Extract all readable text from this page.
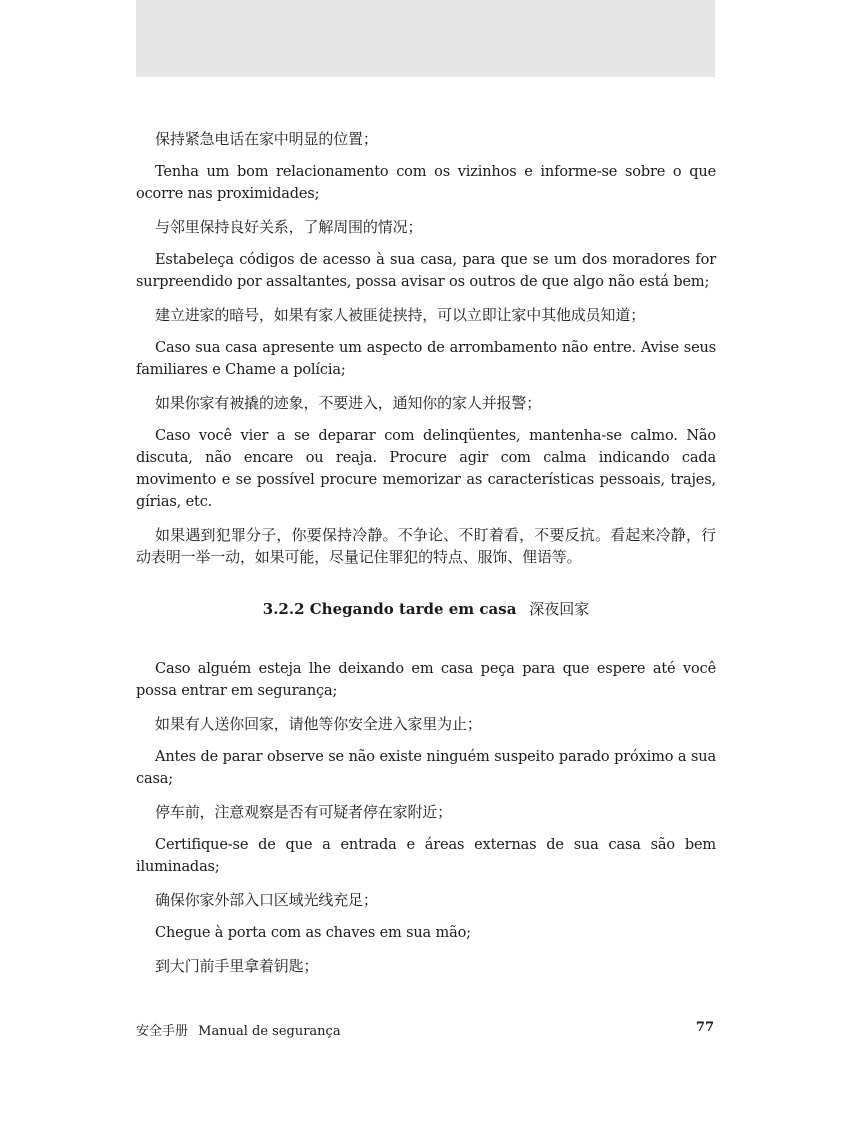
保持紧急电话在家中明显的位置；

Tenha um bom relacionamento com os vizinhos e informe-se sobre o que ocorre nas proximidades;

与邻里保持良好关系，了解周围的情况；

Estabeleça códigos de acesso à sua casa, para que se um dos moradores for surpreendido por assaltantes, possa avisar os outros de que algo não está bem;

建立进家的暗号，如果有家人被匪徒挟持，可以立即让家中其他成员知道；

Caso sua casa apresente um aspecto de arrombamento não entre. Avise seus familiares e Chame a polícia;

如果你家有被撬的迹象，不要进入，通知你的家人并报警；

Caso você vier a se deparar com delinqüentes, mantenha-se calmo. Não discuta, não encare ou reaja. Procure agir com calma indicando cada movimento e se possível procure memorizar as características pessoais, trajes, gírias, etc.

如果遇到犯罪分子，你要保持冷静。不争论、不盯着看，不要反抗。看起来冷静，行动表明一举一动，如果可能，尽量记住罪犯的特点、服饰、俚语等。

3.2.2 Chegando tarde em casa 深夜回家

Caso alguém esteja lhe deixando em casa peça para que espere até você possa entrar em segurança;

如果有人送你回家，请他等你安全进入家里为止；

Antes de parar observe se não existe ninguém suspeito parado próximo a sua casa;

停车前，注意观察是否有可疑者停在家附近；

Certifique-se de que a entrada e áreas externas de sua casa são bem iluminadas;

确保你家外部入口区域光线充足；

Chegue à porta com as chaves em sua mão;

到大门前手里拿着钥匙；

安全手册 Manual de segurança	77
